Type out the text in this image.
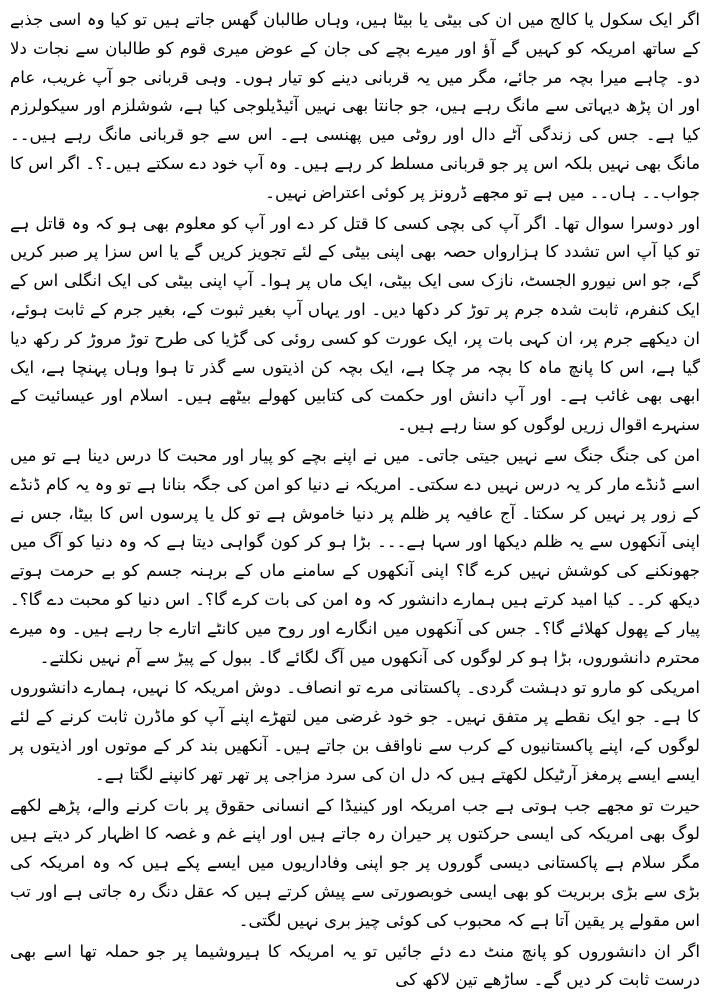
اگر ایک سکول یا کالج میں ان کی بیٹی یا بیٹا ہیں، وہاں طالبان گھس جاتے ہیں تو کیا وہ اسی جذبے کے ساتھ امریکہ کو کہیں گے آؤ اور میرے بچے کی جان کے عوض میری قوم کو طالبان سے نجات دلا دو۔ چاہے میرا بچہ مر جائے، مگر میں یہ قربانی دینے کو تیار ہوں۔ وہی قربانی جو آپ غریب، عام اور ان پڑھ دیہاتی سے مانگ رہے ہیں، جو جانتا بھی نہیں آئیڈیلوجی کیا ہے، شوشلزم اور سیکولرزم کیا ہے۔ جس کی زندگی آٹے دال اور روٹی میں پھنسی ہے۔ اس سے جو قربانی مانگ رہے ہیں۔۔ مانگ بھی نہیں بلکہ اس پر جو قربانی مسلط کر رہے ہیں۔ وہ آپ خود دے سکتے ہیں۔؟۔ اگر اس کا جواب۔۔ ہاں۔۔ میں ہے تو مجھے ڈرونز پر کوئی اعتراض نہیں۔

اور دوسرا سوال تھا۔ اگر آپ کی بچی کسی کا قتل کر دے اور آپ کو معلوم بھی ہو کہ وہ قاتل ہے تو کیا آپ اس تشدد کا ہزارواں حصہ بھی اپنی بیٹی کے لئے تجویز کریں گے یا اس سزا پر صبر کریں گے، جو اس نیورو الجسٹ، نازک سی ایک بیٹی، ایک ماں پر ہوا۔ آپ اپنی بیٹی کی ایک انگلی اس کے ایک کنفرم، ثابت شدہ جرم پر توڑ کر دکھا دیں۔ اور یہاں آپ بغیر ثبوت کے، بغیر جرم کے ثابت ہوئے، ان دیکھے جرم پر، ان کہی بات پر، ایک عورت کو کسی روئی کی گڑیا کی طرح توڑ مروڑ کر رکھ دیا گیا ہے، اس کا پانچ ماہ کا بچہ مر چکا ہے، ایک بچہ کن اذیتوں سے گذر تا ہوا وہاں پہنچا ہے، ایک ابھی بھی غائب ہے۔ اور آپ دانش اور حکمت کی کتابیں کھولے بیٹھے ہیں۔ اسلام اور عیسائیت کے سنہرے اقوال زریں لوگوں کو سنا رہے ہیں۔

امن کی جنگ جنگ سے نہیں جیتی جاتی۔ میں نے اپنے بچے کو پیار اور محبت کا درس دینا ہے تو میں اسے ڈنڈے مار کر یہ درس نہیں دے سکتی۔ امریکہ نے دنیا کو امن کی جگہ بنانا ہے تو وہ یہ کام ڈنڈے کے زور پر نہیں کر سکتا۔ آج عافیہ پر ظلم پر دنیا خاموش ہے تو کل یا پرسوں اس کا بیٹا، جس نے اپنی آنکھوں سے یہ ظلم دیکھا اور سہا ہے۔۔۔ بڑا ہو کر کون گواہی دیتا ہے کہ وہ دنیا کو آگ میں جھونکنے کی کوشش نہیں کرے گا؟ اپنی آنکھوں کے سامنے ماں کے برہنہ جسم کو بے حرمت ہوتے دیکھ کر۔۔ کیا امید کرتے ہیں ہمارے دانشور کہ وہ امن کی بات کرے گا؟۔ اس دنیا کو محبت دے گا؟۔ پیار کے پھول کھلائے گا؟۔ جس کی آنکھوں میں انگارے اور روح میں کانٹے اتارے جا رہے ہیں۔ وہ میرے محترم دانشوروں، بڑا ہو کر لوگوں کی آنکھوں میں آگ لگائے گا۔ ببول کے پیڑ سے آم نہیں نکلتے۔

امریکی کو مارو تو دہشت گردی۔ پاکستانی مرے تو انصاف۔ دوش امریکہ کا نہیں، ہمارے دانشوروں کا ہے۔ جو ایک نقطے پر متفق نہیں۔ جو خود غرضی میں لتھڑے اپنے آپ کو ماڈرن ثابت کرنے کے لئے لوگوں کے، اپنے پاکستانیوں کے کرب سے ناواقف بن جاتے ہیں۔ آنکھیں بند کر کے موتوں اور اذیتوں پر ایسے ایسے پرمغز آرٹیکل لکھتے ہیں کہ دل ان کی سرد مزاجی پر تھر تھر کانپنے لگتا ہے۔

حیرت تو مجھے جب ہوتی ہے جب امریکہ اور کینیڈا کے انسانی حقوق پر بات کرنے والے، پڑھے لکھے لوگ بھی امریکہ کی ایسی حرکتوں پر حیران رہ جاتے ہیں اور اپنے غم و غصہ کا اظہار کر دیتے ہیں مگر سلام ہے پاکستانی دیسی گوروں پر جو اپنی وفاداریوں میں ایسے پکے ہیں کہ وہ امریکہ کی بڑی سے بڑی بربریت کو بھی ایسی خوبصورتی سے پیش کرتے ہیں کہ عقل دنگ رہ جاتی ہے اور تب اس مقولے پر یقین آتا ہے کہ محبوب کی کوئی چیز بری نہیں لگتی۔

اگر ان دانشوروں کو پانچ منٹ دے دئے جائیں تو یہ امریکہ کا ہیروشیما پر جو حملہ تھا اسے بھی درست ثابت کر دیں گے۔ ساڑھے تین لاکھ کی
